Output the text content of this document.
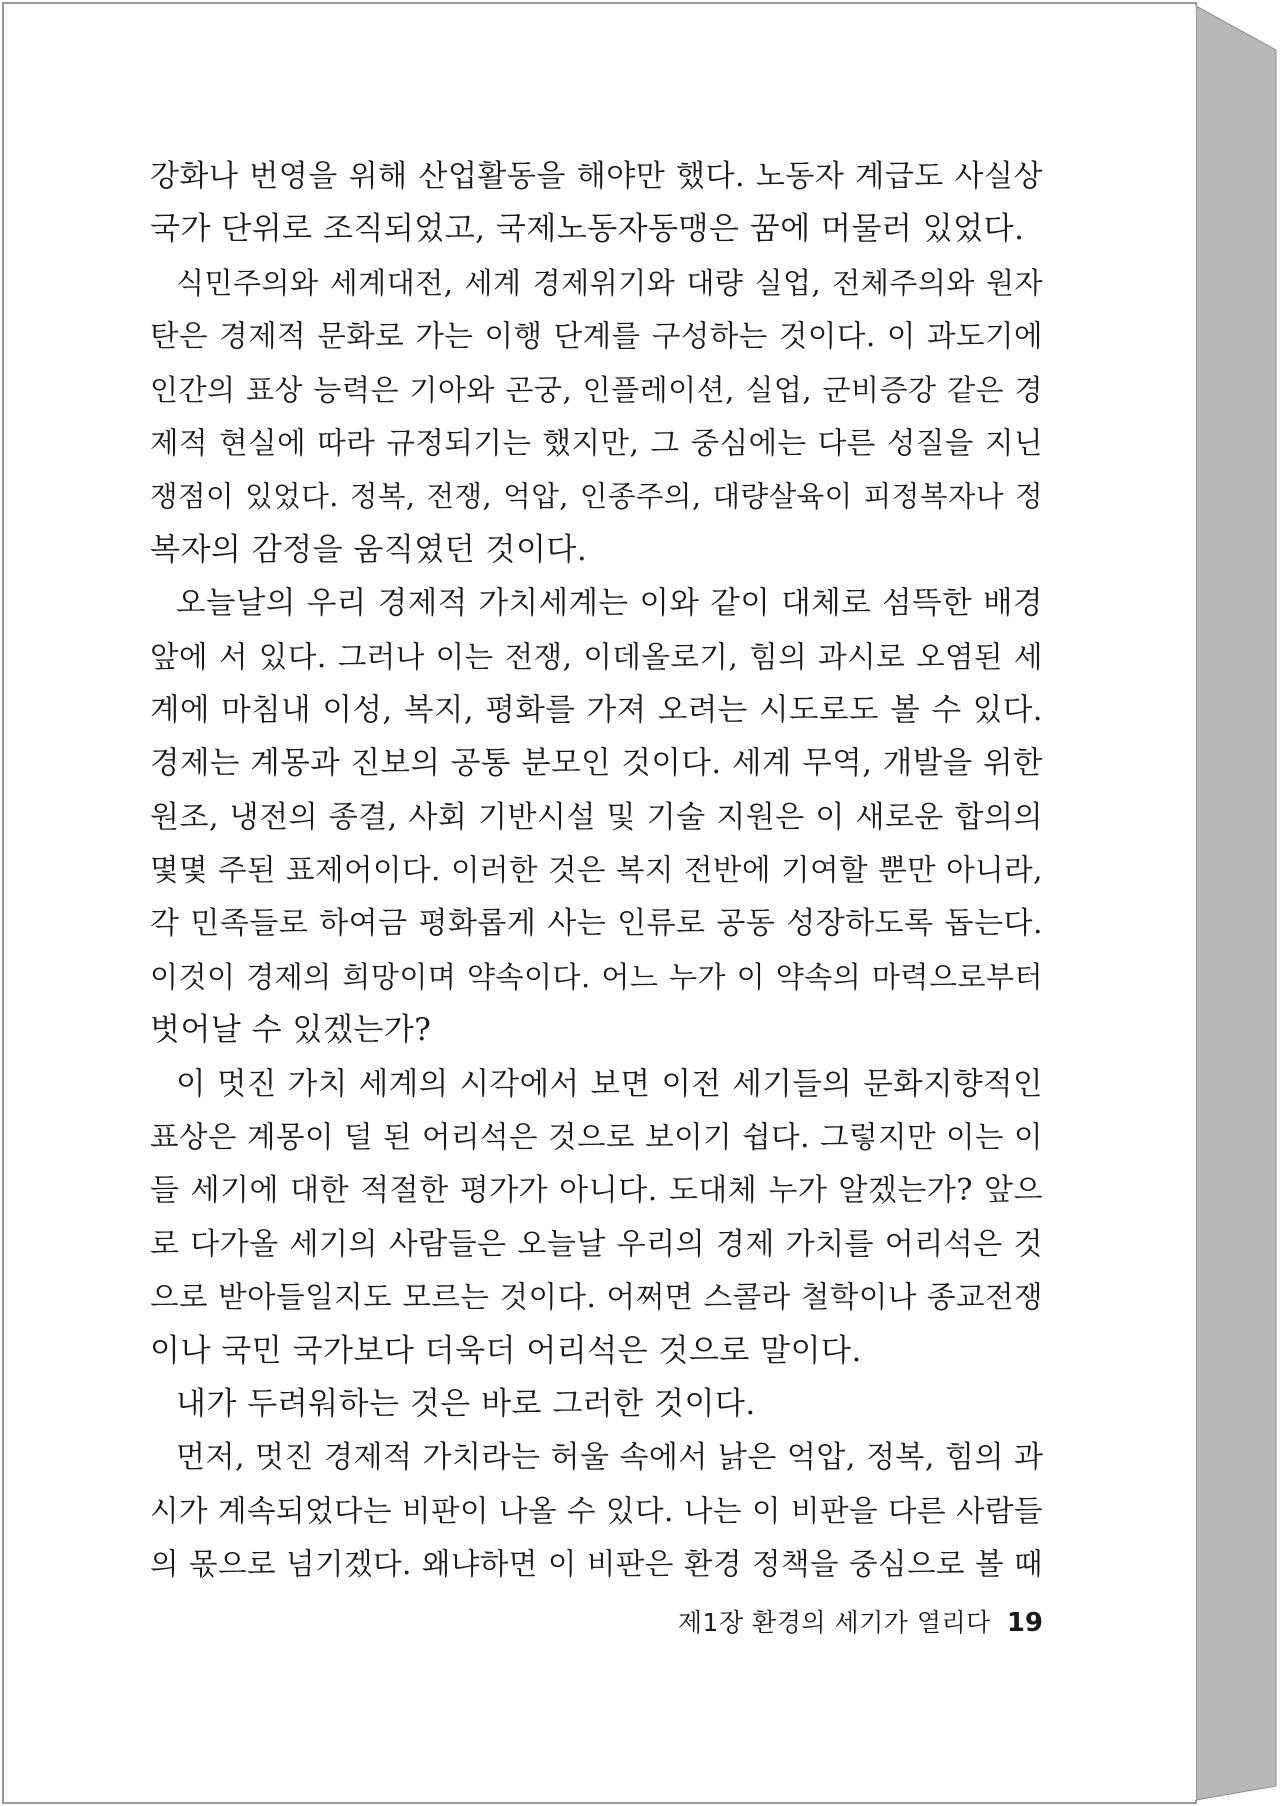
강화나 번영을 위해 산업활동을 해야만 했다. 노동자 계급도 사실상
국가 단위로 조직되었고, 국제노동자동맹은 꿈에 머물러 있었다.
식민주의와 세계대전, 세계 경제위기와 대량 실업, 전체주의와 원자
탄은 경제적 문화로 가는 이행 단계를 구성하는 것이다. 이 과도기에
인간의 표상 능력은 기아와 곤궁, 인플레이션, 실업, 군비증강 같은 경
제적 현실에 따라 규정되기는 했지만, 그 중심에는 다른 성질을 지닌
쟁점이 있었다. 정복, 전쟁, 억압, 인종주의, 대량살육이 피정복자나 정
복자의 감정을 움직였던 것이다.
오늘날의 우리 경제적 가치세계는 이와 같이 대체로 섬뜩한 배경
앞에 서 있다. 그러나 이는 전쟁, 이데올로기, 힘의 과시로 오염된 세
계에 마침내 이성, 복지, 평화를 가져 오려는 시도로도 볼 수 있다.
경제는 계몽과 진보의 공통 분모인 것이다. 세계 무역, 개발을 위한
원조, 냉전의 종결, 사회 기반시설 및 기술 지원은 이 새로운 합의의
몇몇 주된 표제어이다. 이러한 것은 복지 전반에 기여할 뿐만 아니라,
각 민족들로 하여금 평화롭게 사는 인류로 공동 성장하도록 돕는다.
이것이 경제의 희망이며 약속이다. 어느 누가 이 약속의 마력으로부터
벗어날 수 있겠는가?
이 멋진 가치 세계의 시각에서 보면 이전 세기들의 문화지향적인
표상은 계몽이 덜 된 어리석은 것으로 보이기 쉽다. 그렇지만 이는 이
들 세기에 대한 적절한 평가가 아니다. 도대체 누가 알겠는가? 앞으
로 다가올 세기의 사람들은 오늘날 우리의 경제 가치를 어리석은 것
으로 받아들일지도 모르는 것이다. 어쩌면 스콜라 철학이나 종교전쟁
이나 국민 국가보다 더욱더 어리석은 것으로 말이다.
내가 두려워하는 것은 바로 그러한 것이다.
먼저, 멋진 경제적 가치라는 허울 속에서 낡은 억압, 정복, 힘의 과
시가 계속되었다는 비판이 나올 수 있다. 나는 이 비판을 다른 사람들
의 몫으로 넘기겠다. 왜냐하면 이 비판은 환경 정책을 중심으로 볼 때
제1장 환경의 세기가 열리다 19
